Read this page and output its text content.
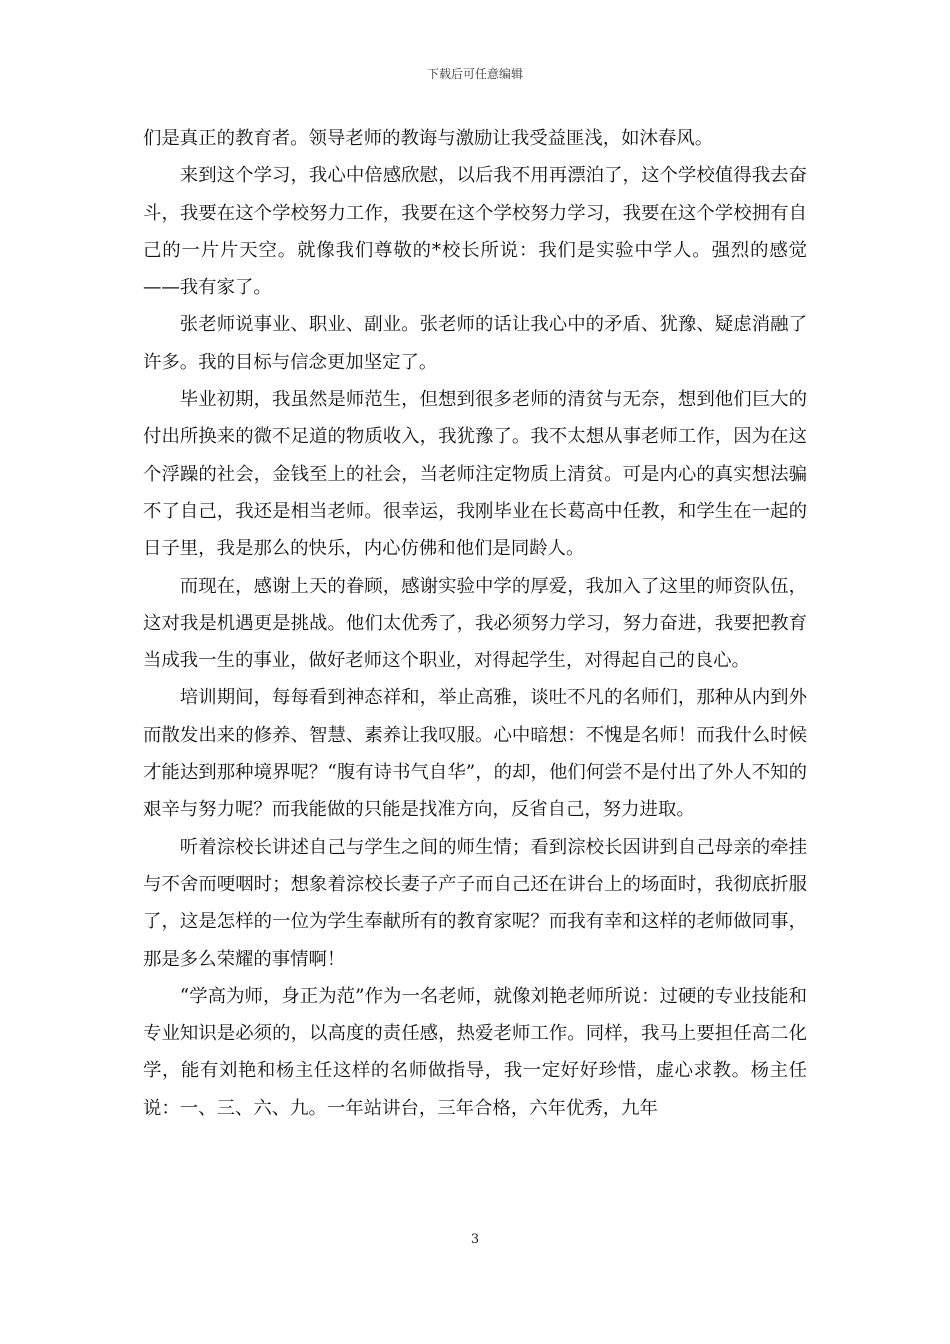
下载后可任意编辑

们是真正的教育者。领导老师的教诲与激励让我受益匪浅，如沐春风。

来到这个学习，我心中倍感欣慰，以后我不用再漂泊了，这个学校值得我去奋斗，我要在这个学校努力工作，我要在这个学校努力学习，我要在这个学校拥有自己的一片片天空。就像我们尊敬的*校长所说：我们是实验中学人。强烈的感觉——我有家了。

张老师说事业、职业、副业。张老师的话让我心中的矛盾、犹豫、疑虑消融了许多。我的目标与信念更加坚定了。

毕业初期，我虽然是师范生，但想到很多老师的清贫与无奈，想到他们巨大的付出所换来的微不足道的物质收入，我犹豫了。我不太想从事老师工作，因为在这个浮躁的社会，金钱至上的社会，当老师注定物质上清贫。可是内心的真实想法骗不了自己，我还是相当老师。很幸运，我刚毕业在长葛高中任教，和学生在一起的日子里，我是那么的快乐，内心仿佛和他们是同龄人。

而现在，感谢上天的眷顾，感谢实验中学的厚爱，我加入了这里的师资队伍，这对我是机遇更是挑战。他们太优秀了，我必须努力学习，努力奋进，我要把教育当成我一生的事业，做好老师这个职业，对得起学生，对得起自己的良心。

培训期间，每每看到神态祥和，举止高雅，谈吐不凡的名师们，那种从内到外而散发出来的修养、智慧、素养让我叹服。心中暗想：不愧是名师！而我什么时候才能达到那种境界呢？“腹有诗书气自华”，的却，他们何尝不是付出了外人不知的艰辛与努力呢？而我能做的只能是找准方向，反省自己，努力进取。

听着淙校长讲述自己与学生之间的师生情；看到淙校长因讲到自己母亲的牵挂与不舍而哽咽时；想象着淙校长妻子产子而自己还在讲台上的场面时，我彻底折服了，这是怎样的一位为学生奉献所有的教育家呢？而我有幸和这样的老师做同事，那是多么荣耀的事情啊！

“学高为师，身正为范”作为一名老师，就像刘艳老师所说：过硬的专业技能和专业知识是必须的，以高度的责任感，热爱老师工作。同样，我马上要担任高二化学，能有刘艳和杨主任这样的名师做指导，我一定好好珍惜，虚心求教。杨主任说：一、三、六、九。一年站讲台，三年合格，六年优秀，九年

3
